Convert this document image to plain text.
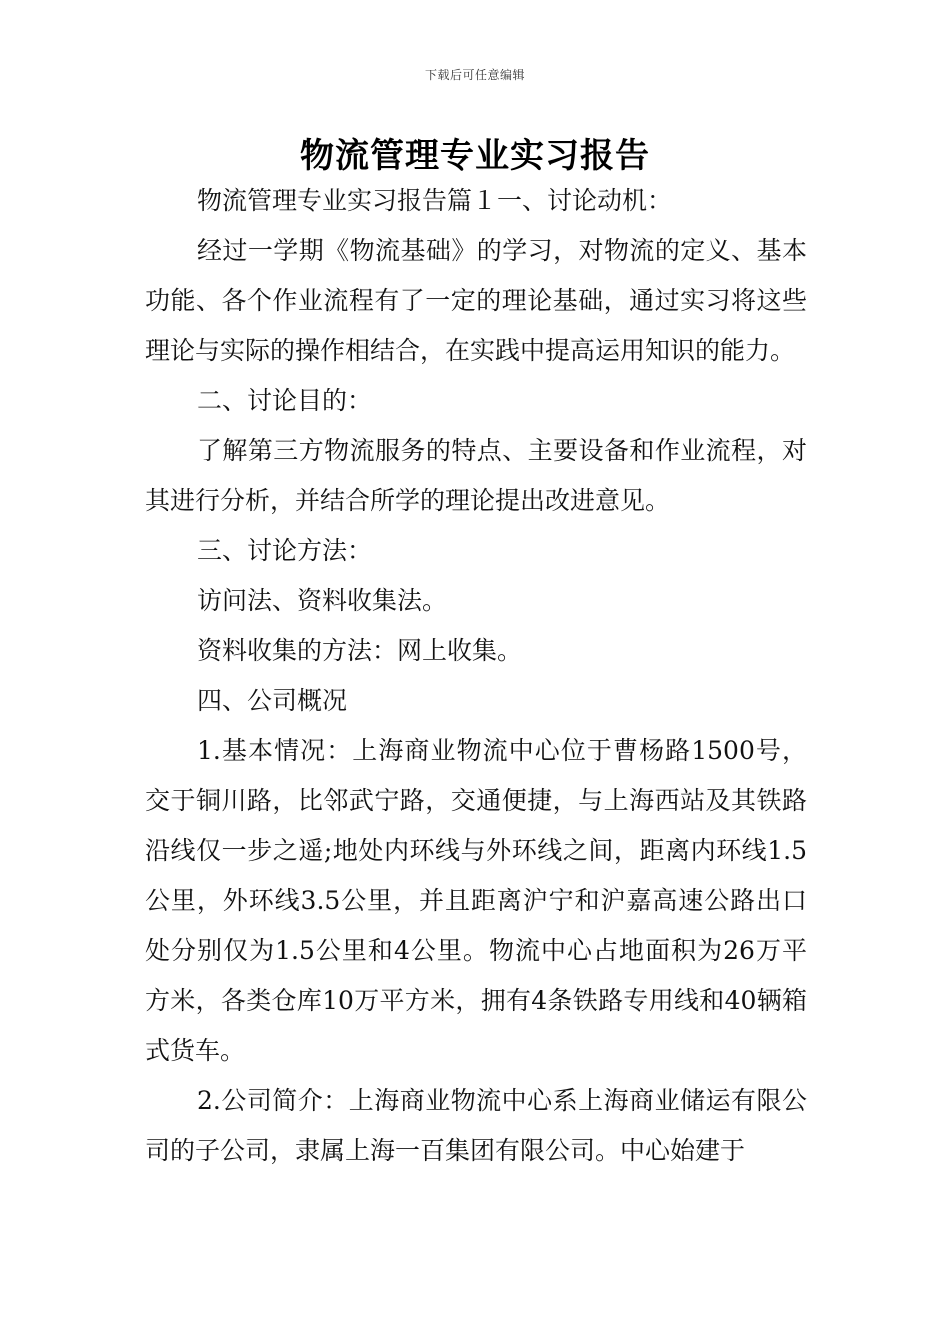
下载后可任意编辑
物流管理专业实习报告

物流管理专业实习报告篇１一、讨论动机：

经过一学期《物流基础》的学习，对物流的定义、基本功能、各个作业流程有了一定的理论基础，通过实习将这些理论与实际的操作相结合，在实践中提高运用知识的能力。

二、讨论目的：

了解第三方物流服务的特点、主要设备和作业流程，对其进行分析，并结合所学的理论提出改进意见。

三、讨论方法：

访问法、资料收集法。

资料收集的方法：网上收集。

四、公司概况

1.基本情况：上海商业物流中心位于曹杨路1500号，交于铜川路，比邻武宁路，交通便捷，与上海西站及其铁路沿线仅一步之遥;地处内环线与外环线之间，距离内环线1.5公里，外环线3.5公里，并且距离沪宁和沪嘉高速公路出口处分别仅为1.5公里和4公里。物流中心占地面积为26万平方米，各类仓库10万平方米，拥有4条铁路专用线和40辆箱式货车。

2.公司简介：上海商业物流中心系上海商业储运有限公司的子公司，隶属上海一百集团有限公司。中心始建于
